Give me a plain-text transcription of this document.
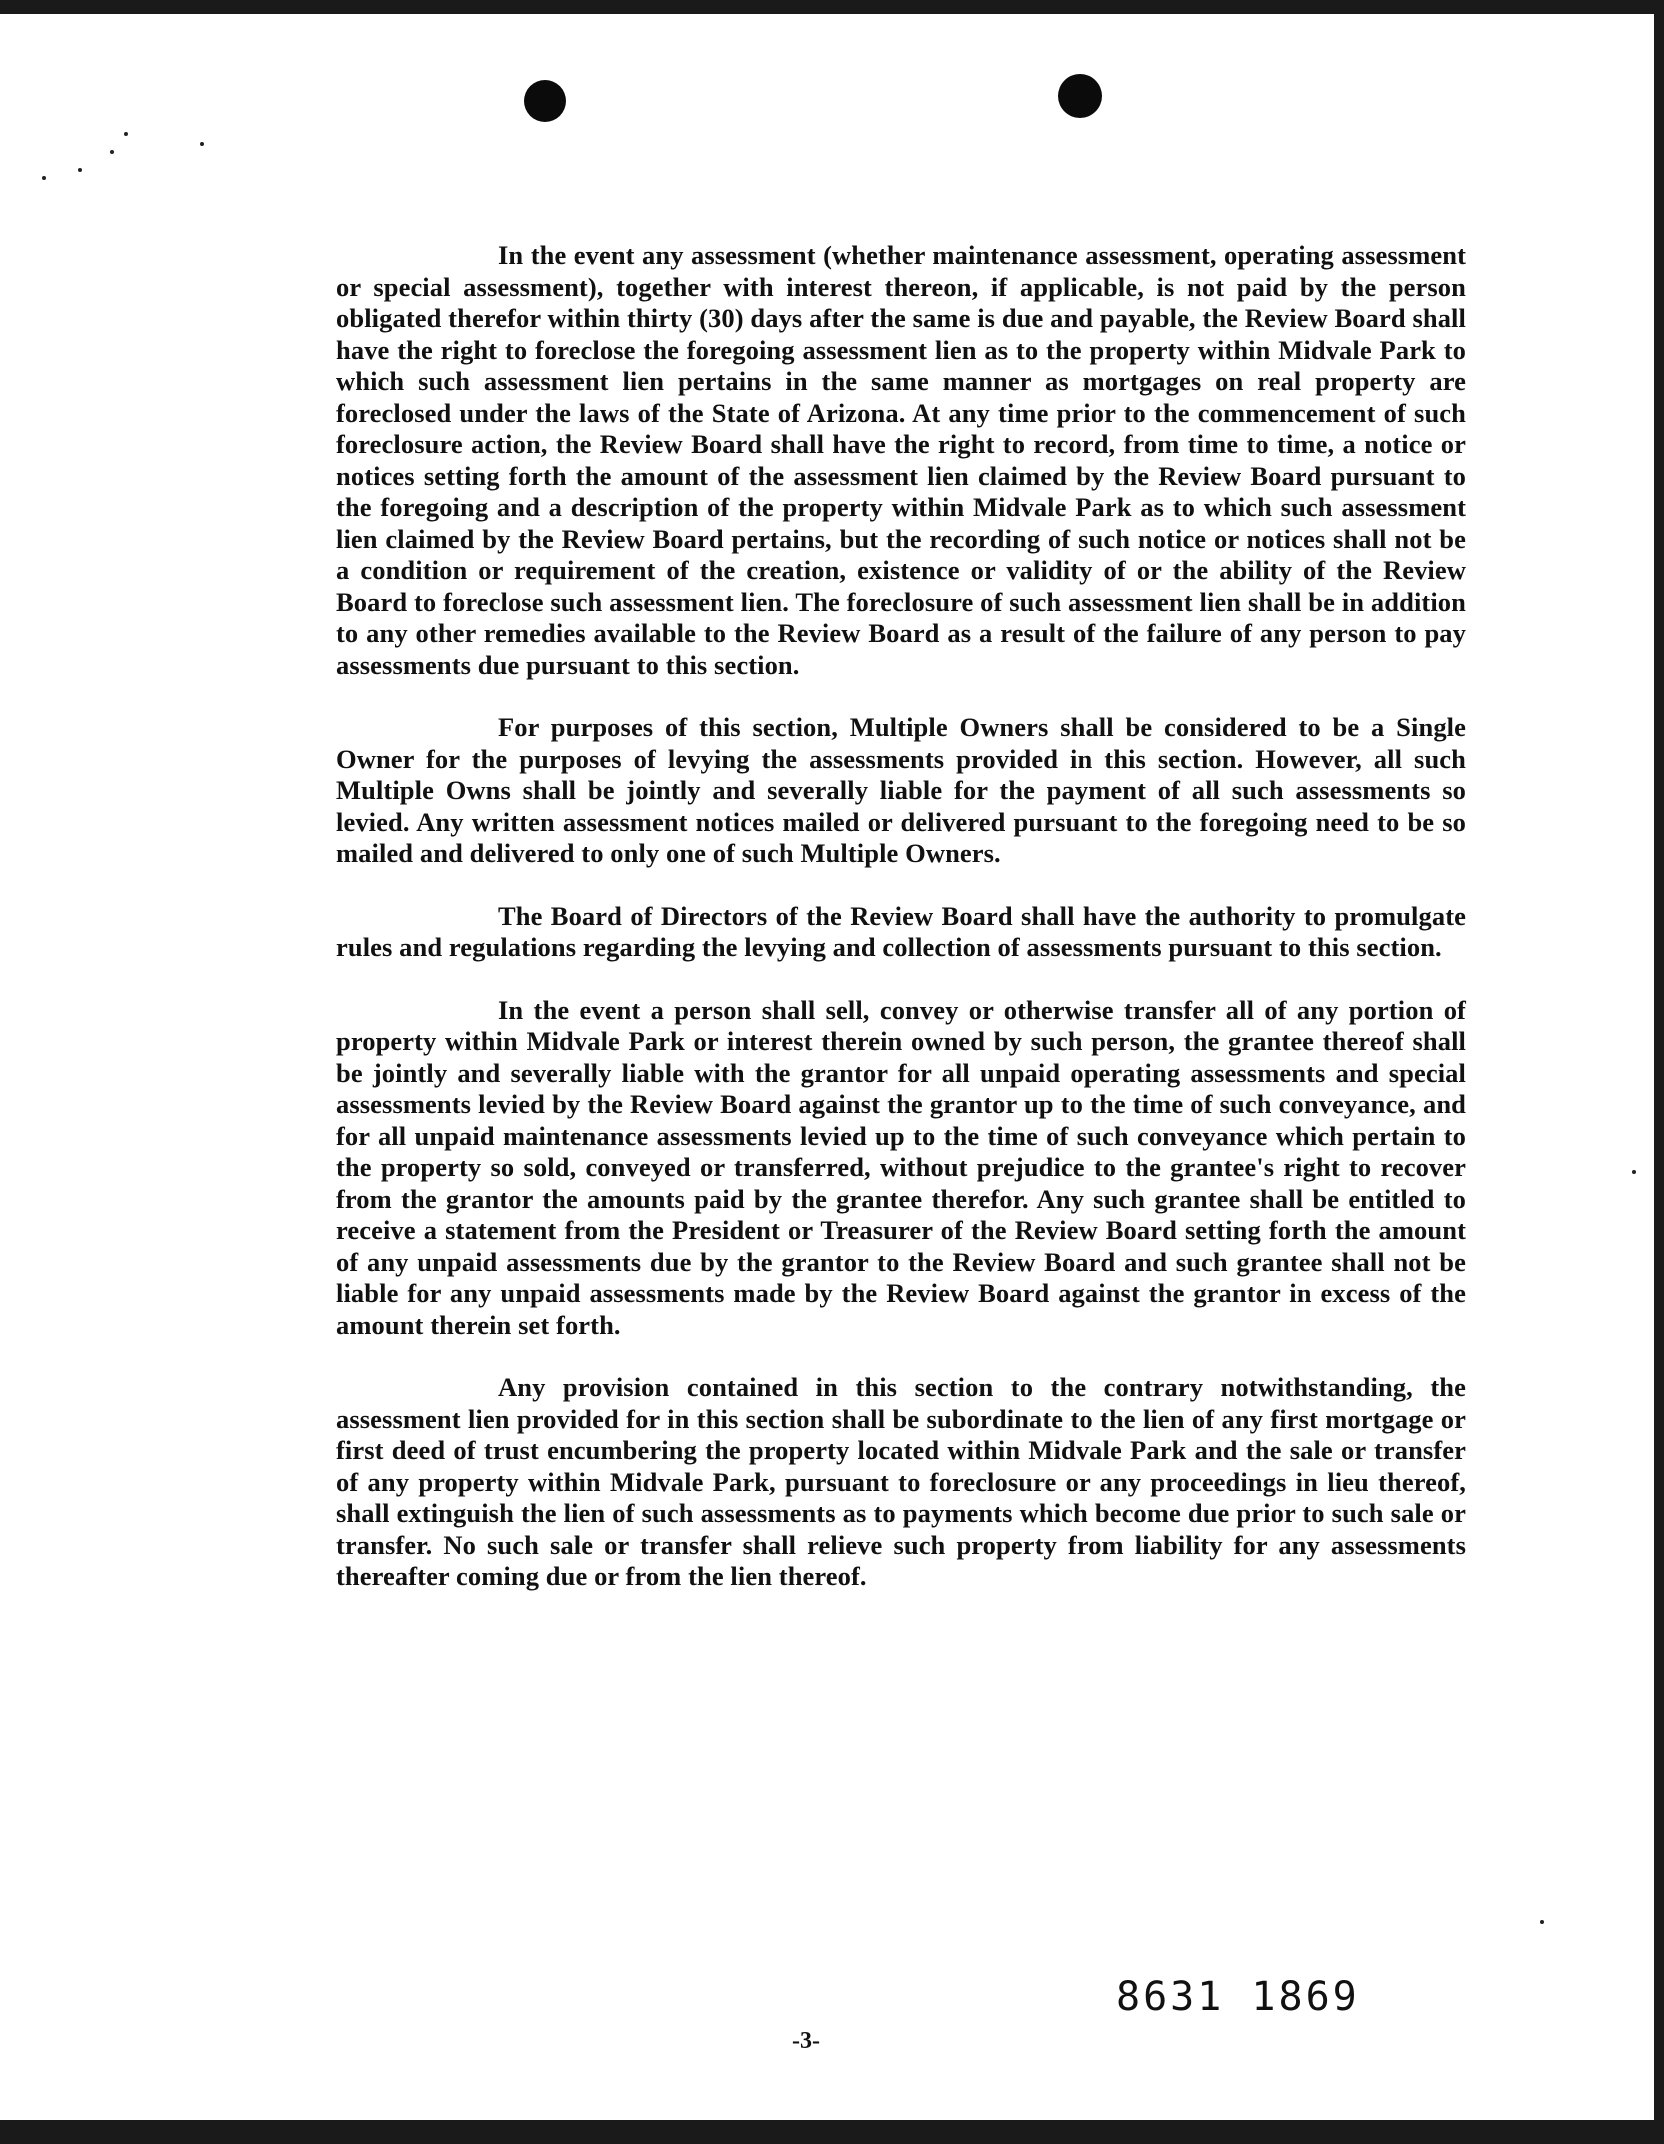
In the event any assessment (whether maintenance assessment, operating assessment or special assessment), together with interest thereon, if applicable, is not paid by the person obligated therefor within thirty (30) days after the same is due and payable, the Review Board shall have the right to foreclose the foregoing assessment lien as to the property within Midvale Park to which such assessment lien pertains in the same manner as mortgages on real property are foreclosed under the laws of the State of Arizona. At any time prior to the commencement of such foreclosure action, the Review Board shall have the right to record, from time to time, a notice or notices setting forth the amount of the assessment lien claimed by the Review Board pursuant to the foregoing and a description of the property within Midvale Park as to which such assessment lien claimed by the Review Board pertains, but the recording of such notice or notices shall not be a condition or requirement of the creation, existence or validity of or the ability of the Review Board to foreclose such assessment lien. The foreclosure of such assessment lien shall be in addition to any other remedies available to the Review Board as a result of the failure of any person to pay assessments due pursuant to this section.

For purposes of this section, Multiple Owners shall be considered to be a Single Owner for the purposes of levying the assessments provided in this section. However, all such Multiple Owns shall be jointly and severally liable for the payment of all such assessments so levied. Any written assessment notices mailed or delivered pursuant to the foregoing need to be so mailed and delivered to only one of such Multiple Owners.

The Board of Directors of the Review Board shall have the authority to promulgate rules and regulations regarding the levying and collection of assessments pursuant to this section.

In the event a person shall sell, convey or otherwise transfer all of any portion of property within Midvale Park or interest therein owned by such person, the grantee thereof shall be jointly and severally liable with the grantor for all unpaid operating assessments and special assessments levied by the Review Board against the grantor up to the time of such conveyance, and for all unpaid maintenance assessments levied up to the time of such conveyance which pertain to the property so sold, conveyed or transferred, without prejudice to the grantee's right to recover from the grantor the amounts paid by the grantee therefor. Any such grantee shall be entitled to receive a statement from the President or Treasurer of the Review Board setting forth the amount of any unpaid assessments due by the grantor to the Review Board and such grantee shall not be liable for any unpaid assessments made by the Review Board against the grantor in excess of the amount therein set forth.

Any provision contained in this section to the contrary notwithstanding, the assessment lien provided for in this section shall be subordinate to the lien of any first mortgage or first deed of trust encumbering the property located within Midvale Park and the sale or transfer of any property within Midvale Park, pursuant to foreclosure or any proceedings in lieu thereof, shall extinguish the lien of such assessments as to payments which become due prior to such sale or transfer. No such sale or transfer shall relieve such property from liability for any assessments thereafter coming due or from the lien thereof.

8631 1869
-3-
